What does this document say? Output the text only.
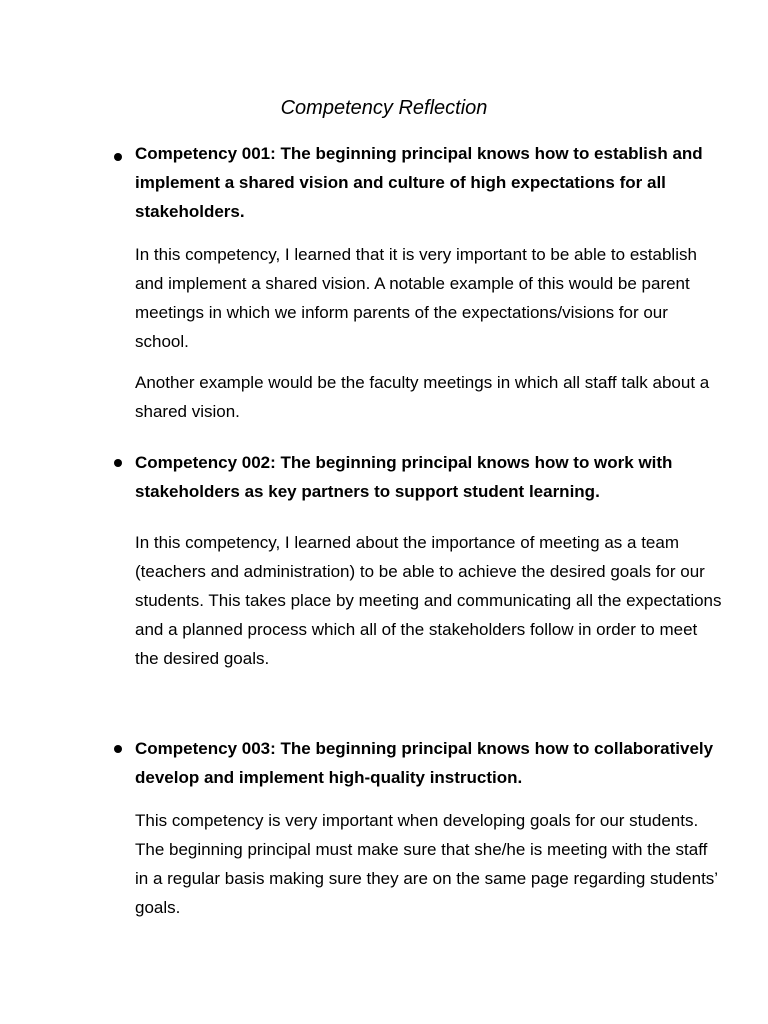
Competency Reflection
Competency 001: The beginning principal knows how to establish and implement a shared vision and culture of high expectations for all stakeholders.
In this competency, I learned that it is very important to be able to establish and implement a shared vision. A notable example of this would be parent meetings in which we inform parents of the expectations/visions for our school.
Another example would be the faculty meetings in which all staff talk about a shared vision.
Competency 002: The beginning principal knows how to work with stakeholders as key partners to support student learning.
In this competency, I learned about the importance of meeting as a team (teachers and administration) to be able to achieve the desired goals for our students. This takes place by meeting and communicating all the expectations and a planned process which all of the stakeholders follow in order to meet the desired goals.
Competency 003: The beginning principal knows how to collaboratively develop and implement high-quality instruction.
This competency is very important when developing goals for our students. The beginning principal must make sure that she/he is meeting with the staff in a regular basis making sure they are on the same page regarding students’ goals.
